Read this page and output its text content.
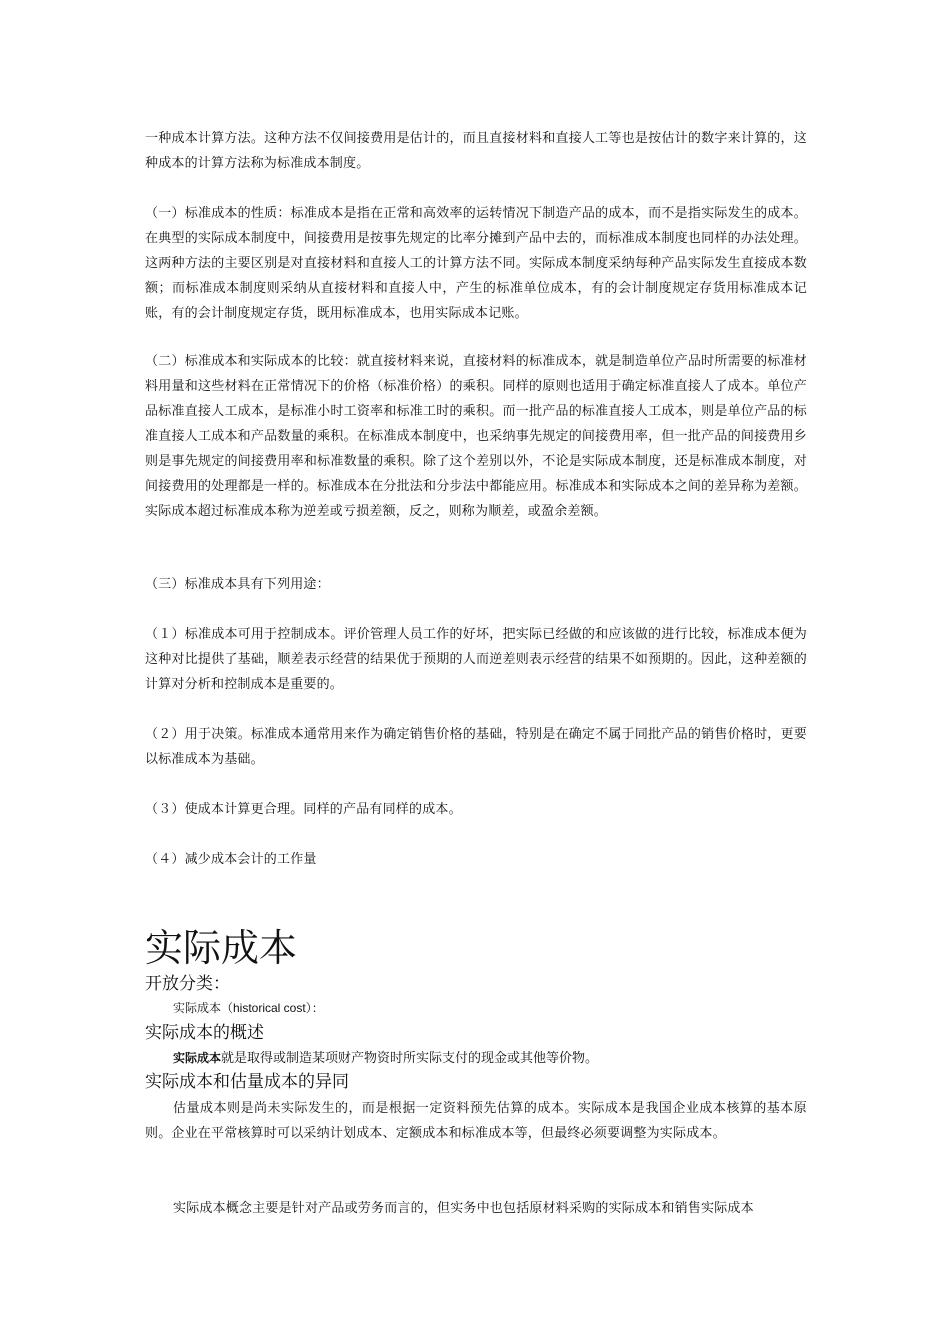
一种成本计算方法。这种方法不仅间接费用是估计的，而且直接材料和直接人工等也是按估计的数字来计算的，这种成本的计算方法称为标准成本制度。

（一）标准成本的性质：标准成本是指在正常和高效率的运转情况下制造产品的成本，而不是指实际发生的成本。在典型的实际成本制度中，间接费用是按事先规定的比率分摊到产品中去的，而标准成本制度也同样的办法处理。这两种方法的主要区别是对直接材料和直接人工的计算方法不同。实际成本制度采纳每种产品实际发生直接成本数额；而标准成本制度则采纳从直接材料和直接人中，产生的标准单位成本，有的会计制度规定存货用标准成本记账，有的会计制度规定存货，既用标准成本，也用实际成本记账。

（二）标准成本和实际成本的比较：就直接材料来说，直接材料的标准成本，就是制造单位产品时所需要的标准材料用量和这些材料在正常情况下的价格（标准价格）的乘积。同样的原则也适用于确定标准直接人了成本。单位产品标准直接人工成本，是标准小时工资率和标准工时的乘积。而一批产品的标准直接人工成本，则是单位产品的标准直接人工成本和产品数量的乘积。在标准成本制度中，也采纳事先规定的间接费用率，但一批产品的间接费用乡则是事先规定的间接费用率和标准数量的乘积。除了这个差别以外，不论是实际成本制度，还是标准成本制度，对间接费用的处理都是一样的。标准成本在分批法和分步法中都能应用。标准成本和实际成本之间的差异称为差额。实际成本超过标准成本称为逆差或亏损差额，反之，则称为顺差，或盈余差额。

（三）标准成本具有下列用途：

（１）标准成本可用于控制成本。评价管理人员工作的好坏，把实际已经做的和应该做的进行比较，标准成本便为这种对比提供了基础，顺差表示经营的结果优于预期的人而逆差则表示经营的结果不如预期的。因此，这种差额的计算对分析和控制成本是重要的。

（２）用于决策。标准成本通常用来作为确定销售价格的基础，特别是在确定不属于同批产品的销售价格时，更要以标准成本为基础。

（３）使成本计算更合理。同样的产品有同样的成本。

（４）减少成本会计的工作量

实际成本

开放分类：

实际成本（historical cost）：

实际成本的概述

实际成本就是取得或制造某项财产物资时所实际支付的现金或其他等价物。

实际成本和估量成本的异同

估量成本则是尚未实际发生的，而是根据一定资料预先估算的成本。实际成本是我国企业成本核算的基本原则。企业在平常核算时可以采纳计划成本、定额成本和标准成本等，但最终必须要调整为实际成本。

实际成本概念主要是针对产品或劳务而言的，但实务中也包括原材料采购的实际成本和销售实际成本
